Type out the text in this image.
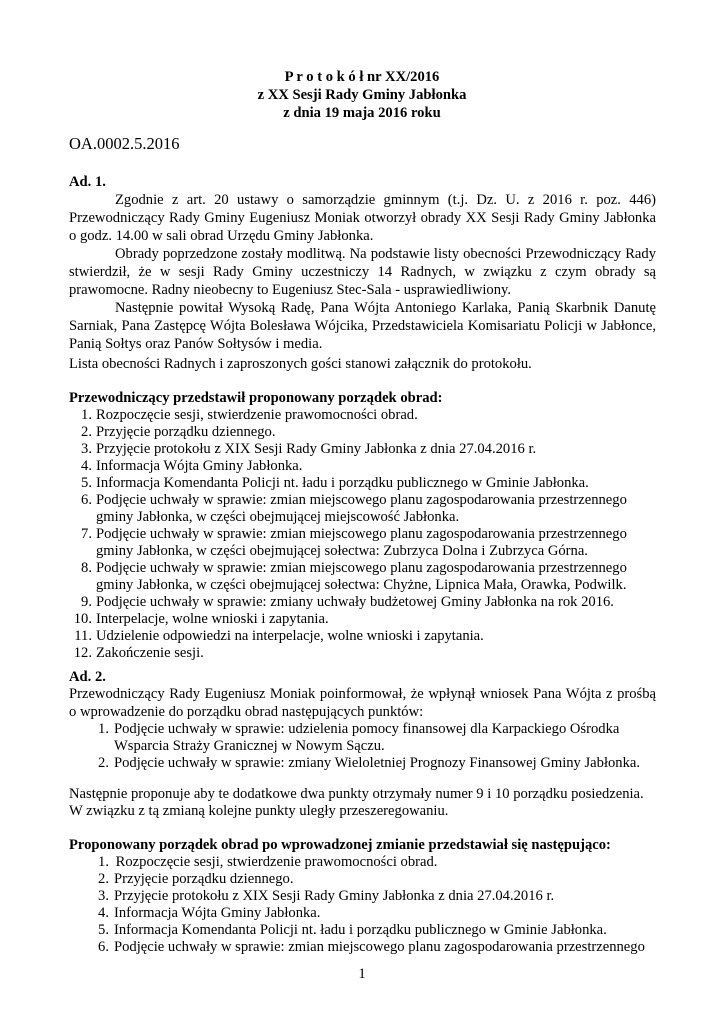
P r o t o k ó ł nr XX/2016
z XX Sesji Rady Gminy Jabłonka
z dnia 19 maja 2016 roku
OA.0002.5.2016
Ad. 1.
Zgodnie z art. 20 ustawy o samorządzie gminnym (t.j. Dz. U. z 2016 r. poz. 446) Przewodniczący Rady Gminy Eugeniusz Moniak otworzył obrady XX Sesji Rady Gminy Jabłonka o godz. 14.00 w sali obrad Urzędu Gminy Jabłonka.
Obrady poprzedzone zostały modlitwą. Na podstawie listy obecności Przewodniczący Rady stwierdził, że w sesji Rady Gminy uczestniczy 14 Radnych, w związku z czym obrady są prawomocne. Radny nieobecny to Eugeniusz Stec-Sala - usprawiedliwiony.
Następnie powitał Wysoką Radę, Pana Wójta Antoniego Karlaka, Panią Skarbnik Danutę Sarniak, Pana Zastępcę Wójta Bolesława Wójcika, Przedstawiciela Komisariatu Policji w Jabłonce, Panią Sołtys oraz Panów Sołtysów i media.
Lista obecności Radnych i zaproszonych gości stanowi załącznik do protokołu.
Przewodniczący przedstawił proponowany porządek obrad:
1. Rozpoczęcie sesji, stwierdzenie prawomocności obrad.
2. Przyjęcie porządku dziennego.
3. Przyjęcie protokołu z XIX Sesji Rady Gminy Jabłonka z dnia 27.04.2016 r.
4. Informacja Wójta Gminy Jabłonka.
5. Informacja Komendanta Policji nt. ładu i porządku publicznego w Gminie Jabłonka.
6. Podjęcie uchwały w sprawie: zmian miejscowego planu zagospodarowania przestrzennego
gminy Jabłonka, w części obejmującej miejscowość Jabłonka.
7. Podjęcie uchwały w sprawie: zmian miejscowego planu zagospodarowania przestrzennego
gminy Jabłonka, w części obejmującej sołectwa: Zubrzyca Dolna i Zubrzyca Górna.
8. Podjęcie uchwały w sprawie: zmian miejscowego planu zagospodarowania przestrzennego
gminy Jabłonka, w części obejmującej sołectwa: Chyżne, Lipnica Mała, Orawka, Podwilk.
9. Podjęcie uchwały w sprawie: zmiany uchwały budżetowej Gminy Jabłonka na rok 2016.
10. Interpelacje, wolne wnioski i zapytania.
11. Udzielenie odpowiedzi na interpelacje, wolne wnioski i zapytania.
12. Zakończenie sesji.
Ad. 2.
Przewodniczący Rady Eugeniusz Moniak poinformował, że wpłynął wniosek Pana Wójta z prośbą o wprowadzenie do porządku obrad następujących punktów:
1. Podjęcie uchwały w sprawie: udzielenia pomocy finansowej dla Karpackiego Ośrodka
Wsparcia Straży Granicznej w Nowym Sączu.
2. Podjęcie uchwały w sprawie: zmiany Wieloletniej Prognozy Finansowej Gminy Jabłonka.
Następnie proponuje aby te dodatkowe dwa punkty otrzymały numer 9 i 10 porządku posiedzenia.
W związku z tą zmianą kolejne punkty uległy przeszeregowaniu.
Proponowany porządek obrad po wprowadzonej zmianie przedstawiał się następująco:
1. Rozpoczęcie sesji, stwierdzenie prawomocności obrad.
2. Przyjęcie porządku dziennego.
3. Przyjęcie protokołu z XIX Sesji Rady Gminy Jabłonka z dnia 27.04.2016 r.
4. Informacja Wójta Gminy Jabłonka.
5. Informacja Komendanta Policji nt. ładu i porządku publicznego w Gminie Jabłonka.
6. Podjęcie uchwały w sprawie: zmian miejscowego planu zagospodarowania przestrzennego
1
